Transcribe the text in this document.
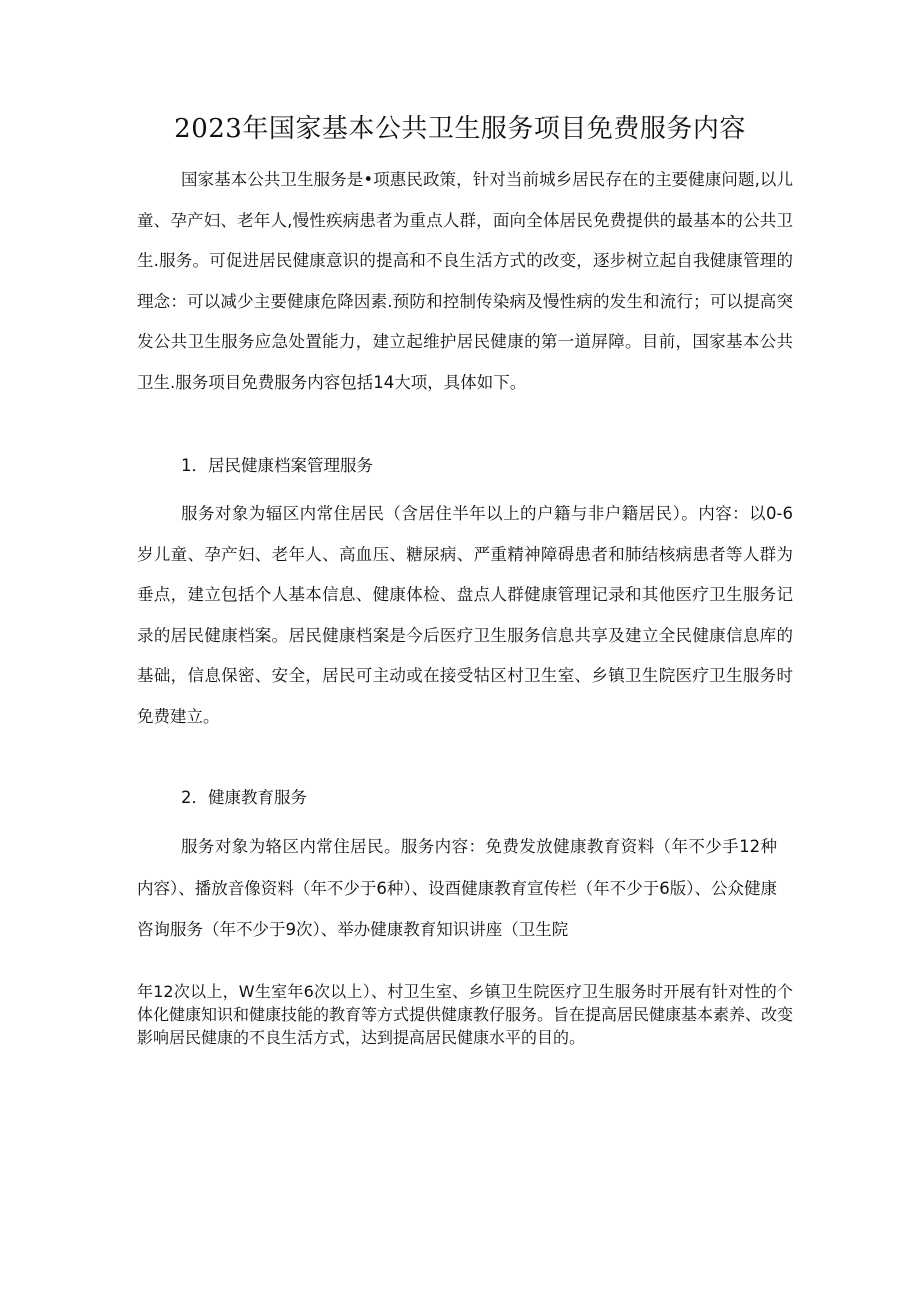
2023年国家基本公共卫生服务项目免费服务内容

国家基本公共卫生服务是•项惠民政策，针对当前城乡居民存在的主要健康问题,以儿童、孕产妇、老年人,慢性疾病患者为重点人群，面向全体居民免费提供的最基本的公共卫生.服务。可促进居民健康意识的提高和不良生活方式的改变，逐步树立起自我健康管理的理念：可以减少主要健康危降因素.预防和控制传染病及慢性病的发生和流行；可以提高突发公共卫生服务应急处置能力，建立起维护居民健康的第一道屏障。目前，国家基本公共卫生.服务项目免费服务内容包括14大项，具体如下。

1．居民健康档案管理服务

服务对象为辐区内常住居民（含居住半年以上的户籍与非户籍居民）。内容：以0-6岁儿童、孕产妇、老年人、高血压、糖尿病、严重精神障碍患者和肺结核病患者等人群为垂点，建立包括个人基本信息、健康体检、盘点人群健康管理记录和其他医疗卫生服务记录的居民健康档案。居民健康档案是今后医疗卫生服务信息共享及建立全民健康信息库的基础，信息保密、安全，居民可主动或在接受牯区村卫生室、乡镇卫生院医疗卫生服务时免费建立。

2．健康教育服务

服务对象为辂区内常住居民。服务内容：免费发放健康教育资料（年不少手12种内容）、播放音像资料（年不少于6种）、设酉健康教育宣传栏（年不少于6版）、公众健康咨询服务（年不少于9次）、举办健康教育知识讲座（卫生院

年12次以上，W生室年6次以上）、村卫生室、乡镇卫生院医疗卫生服务时开展有针对性的个体化健康知识和健康技能的教育等方式提供健康教仔服务。旨在提高居民健康基本素养、改变影响居民健康的不良生活方式，达到提高居民健康水平的目的。
